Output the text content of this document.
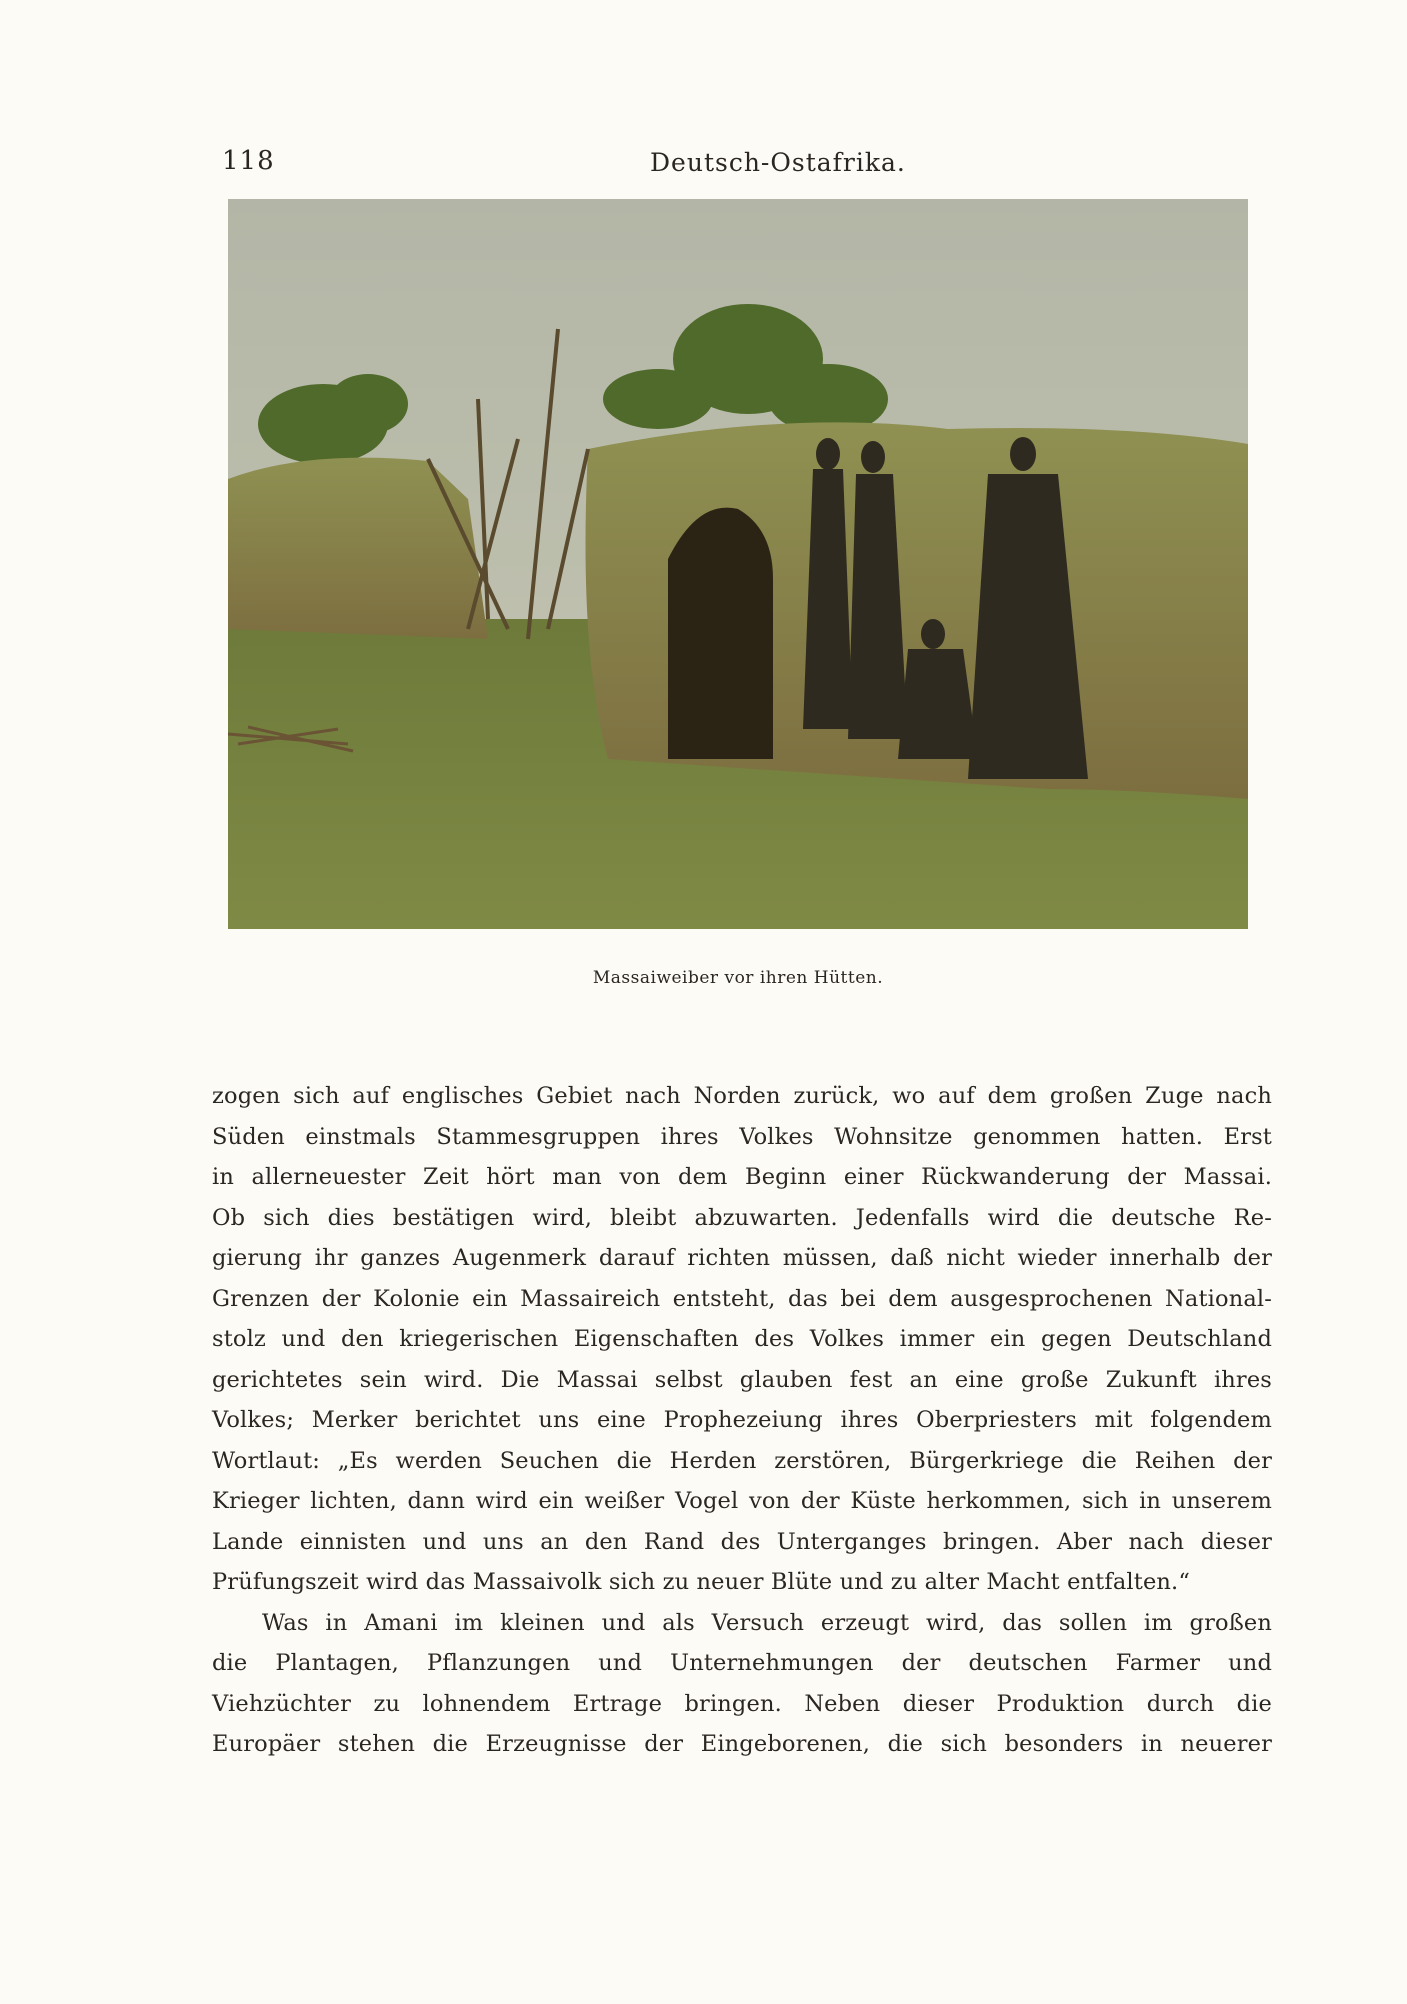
118	Deutsch-Ostafrika.
Massaiweiber vor ihren Hütten.
zogen sich auf englisches Gebiet nach Norden zurück, wo auf dem großen Zuge nach
Süden einstmals Stammesgruppen ihres Volkes Wohnsitze genommen hatten. Erst
in allerneuester Zeit hört man von dem Beginn einer Rückwanderung der Massai.
Ob sich dies bestätigen wird, bleibt abzuwarten. Jedenfalls wird die deutsche Re-
gierung ihr ganzes Augenmerk darauf richten müssen, daß nicht wieder innerhalb der
Grenzen der Kolonie ein Massaireich entsteht, das bei dem ausgesprochenen National-
stolz und den kriegerischen Eigenschaften des Volkes immer ein gegen Deutschland
gerichtetes sein wird. Die Massai selbst glauben fest an eine große Zukunft ihres
Volkes; Merker berichtet uns eine Prophezeiung ihres Oberpriesters mit folgendem
Wortlaut: „Es werden Seuchen die Herden zerstören, Bürgerkriege die Reihen der
Krieger lichten, dann wird ein weißer Vogel von der Küste herkommen, sich in unserem
Lande einnisten und uns an den Rand des Unterganges bringen. Aber nach dieser
Prüfungszeit wird das Massaivolk sich zu neuer Blüte und zu alter Macht entfalten.“
Was in Amani im kleinen und als Versuch erzeugt wird, das sollen im großen
die Plantagen, Pflanzungen und Unternehmungen der deutschen Farmer und
Viehzüchter zu lohnendem Ertrage bringen. Neben dieser Produktion durch die
Europäer stehen die Erzeugnisse der Eingeborenen, die sich besonders in neuerer
